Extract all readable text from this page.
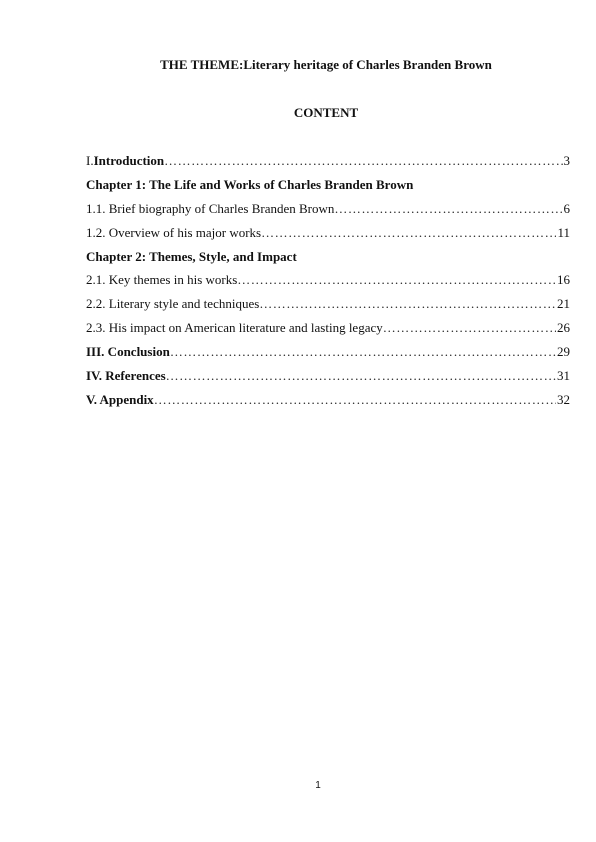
THE THEME:Literary heritage of Charles Branden Brown
CONTENT
I. Introduction …………………………………………………………………………………………………………………………………………………………………………………………	3
Chapter 1: The Life and Works of Charles Branden Brown
1.1. Brief biography of Charles Branden Brown …………………………………………………………………………………………………………………………………………………………………………………………	6
1.2. Overview of his major works …………………………………………………………………………………………………………………………………………………………………………………………	11
Chapter 2: Themes, Style, and Impact
2.1. Key themes in his works …………………………………………………………………………………………………………………………………………………………………………………………	16
2.2. Literary style and techniques …………………………………………………………………………………………………………………………………………………………………………………………	21
2.3. His impact on American literature and lasting legacy …………………………………………………………………………………………………………………………………………………………………………………………	26
III. Conclusion …………………………………………………………………………………………………………………………………………………………………………………………	29
IV. References …………………………………………………………………………………………………………………………………………………………………………………………	31
V. Appendix …………………………………………………………………………………………………………………………………………………………………………………………	32
1
